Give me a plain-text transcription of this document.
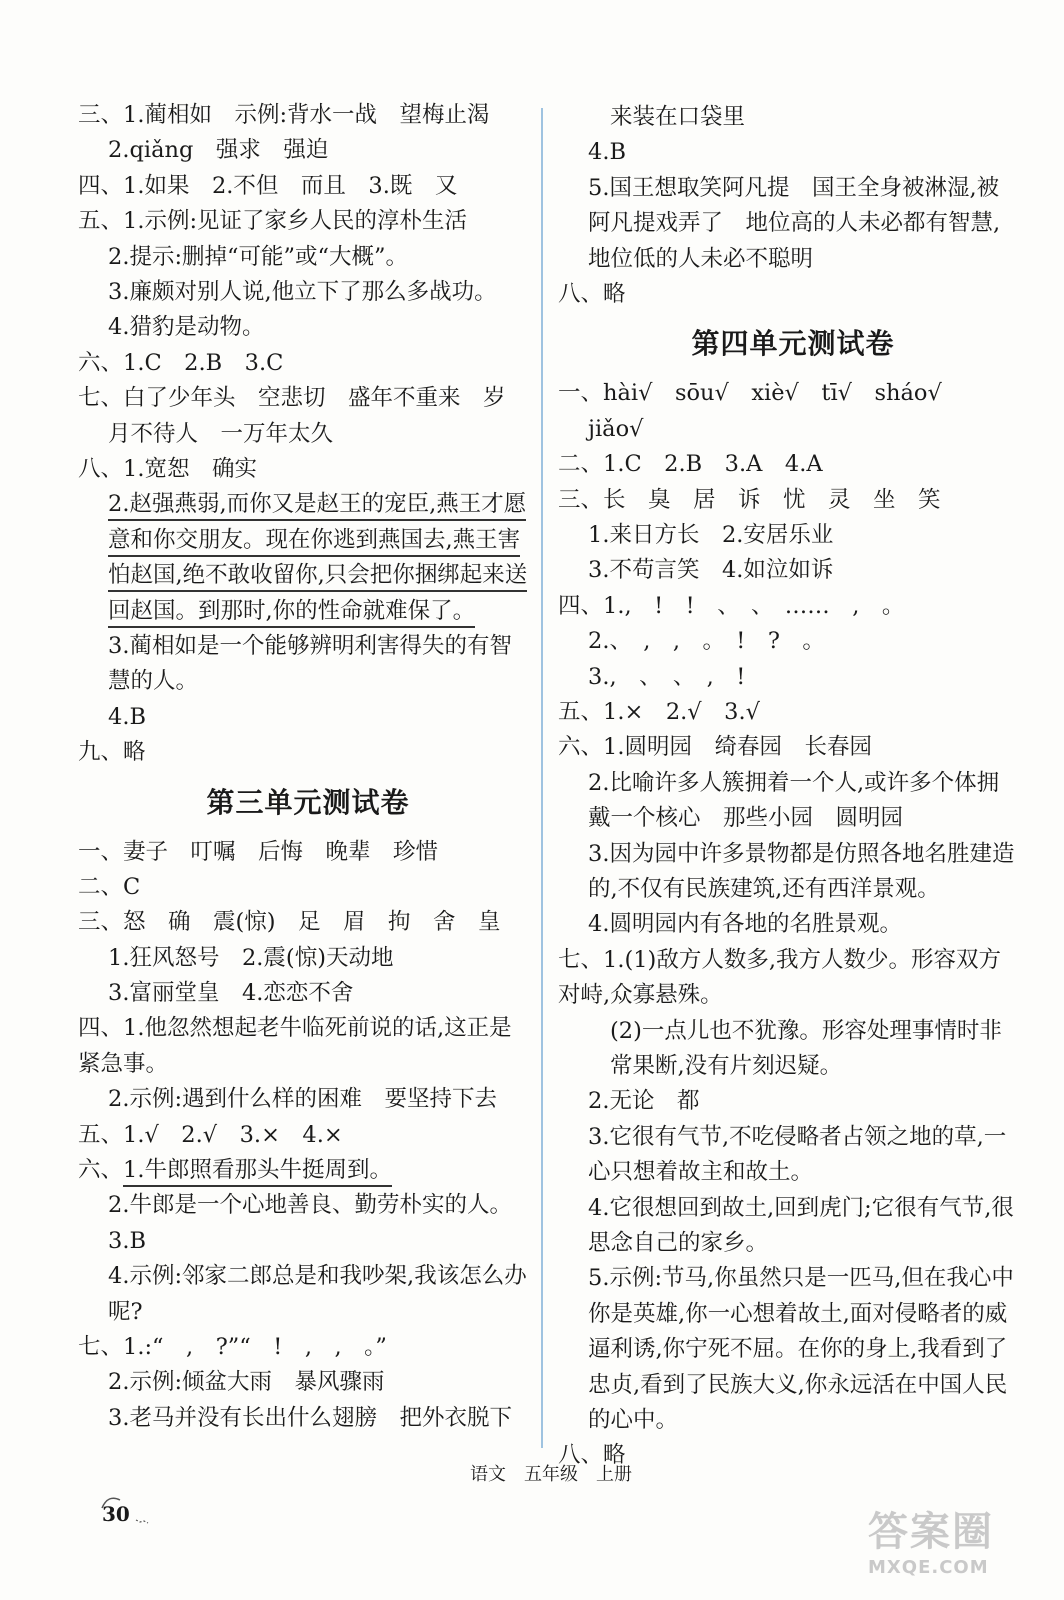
三、1.蔺相如　示例:背水一战　望梅止渴
2.qiǎng　强求　强迫
四、1.如果　2.不但　而且　3.既　又
五、1.示例:见证了家乡人民的淳朴生活
2.提示:删掉“可能”或“大概”。
3.廉颇对别人说,他立下了那么多战功。
4.猎豹是动物。
六、1.C　2.B　3.C
七、白了少年头　空悲切　盛年不重来　岁
月不待人　一万年太久
八、1.宽恕　确实
2.赵强燕弱,而你又是赵王的宠臣,燕王才愿意和你交朋友。现在你逃到燕国去,燕王害怕赵国,绝不敢收留你,只会把你捆绑起来送回赵国。到那时,你的性命就难保了。
3.蔺相如是一个能够辨明利害得失的有智慧的人。
4.B
九、略
第三单元测试卷
一、妻子　叮嘱　后悔　晚辈　珍惜
二、C
三、怒　确　震(惊)　足　眉　拘　舍　皇
1.狂风怒号　2.震(惊)天动地
3.富丽堂皇　4.恋恋不舍
四、1.他忽然想起老牛临死前说的话,这正是紧急事。
2.示例:遇到什么样的困难　要坚持下去
五、1.√　2.√　3.×　4.×
六、1.牛郎照看那头牛挺周到。
2.牛郎是一个心地善良、勤劳朴实的人。
3.B
4.示例:邻家二郎总是和我吵架,我该怎么办呢?
七、1.:“　,　?”“　!　,　,　。”
2.示例:倾盆大雨　暴风骤雨
3.老马并没有长出什么翅膀　把外衣脱下
来装在口袋里
4.B
5.国王想取笑阿凡提　国王全身被淋湿,被阿凡提戏弄了　地位高的人未必都有智慧,地位低的人未必不聪明
八、略
第四单元测试卷
一、hài√　sōu√　xiè√　tī√　sháo√
jiǎo√
二、1.C　2.B　3.A　4.A
三、长　臭　居　诉　忧　灵　坐　笑
1.来日方长　2.安居乐业
3.不苟言笑　4.如泣如诉
四、1.,　!　!　、　、　……　,　。
2.、　,　,　。　!　?　。
3.,　、　、　,　!
五、1.×　2.√　3.√
六、1.圆明园　绮春园　长春园
2.比喻许多人簇拥着一个人,或许多个体拥戴一个核心　那些小园　圆明园
3.因为园中许多景物都是仿照各地名胜建造的,不仅有民族建筑,还有西洋景观。
4.圆明园内有各地的名胜景观。
七、1.(1)敌方人数多,我方人数少。形容双方对峙,众寡悬殊。
(2)一点儿也不犹豫。形容处理事情时非常果断,没有片刻迟疑。
2.无论　都
3.它很有气节,不吃侵略者占领之地的草,一心只想着故主和故土。
4.它很想回到故土,回到虎门;它很有气节,很思念自己的家乡。
5.示例:节马,你虽然只是一匹马,但在我心中你是英雄,你一心想着故土,面对侵略者的威逼利诱,你宁死不屈。在你的身上,我看到了忠贞,看到了民族大义,你永远活在中国人民的心中。
八、略
30
语文　五年级　上册
答案圈
MXQE.COM
